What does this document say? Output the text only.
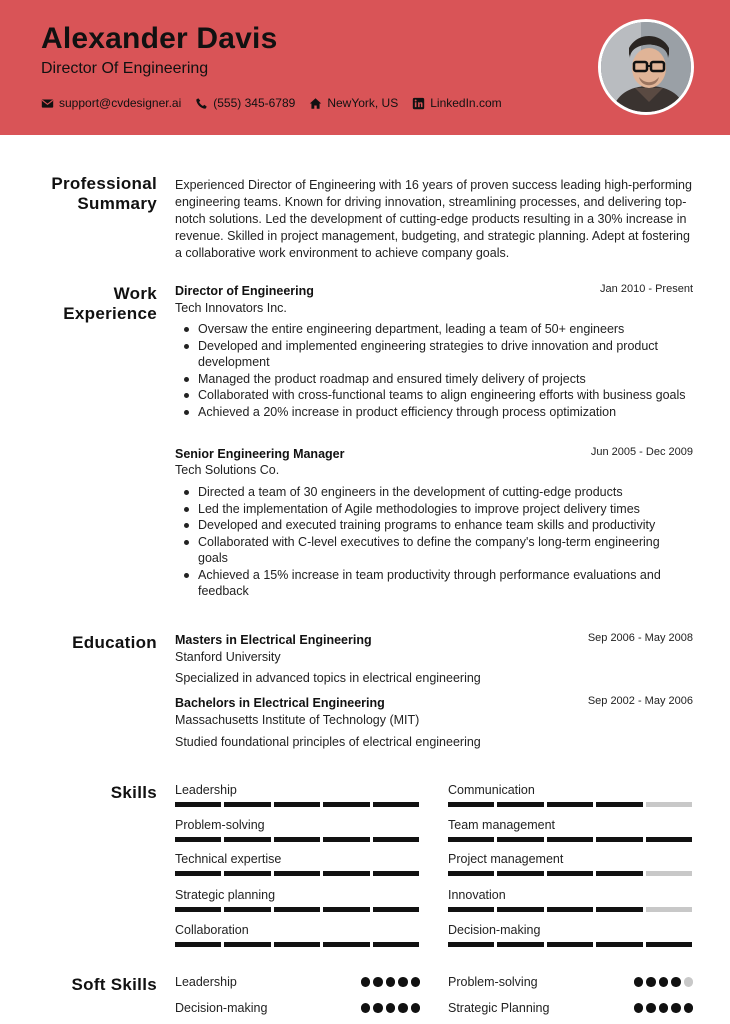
Alexander Davis
Director Of Engineering
support@cvdesigner.ai	(555) 345-6789	NewYork, US	LinkedIn.com
Professional
Summary
Experienced Director of Engineering with 16 years of proven success leading high-performing engineering teams. Known for driving innovation, streamlining processes, and delivering top-notch solutions. Led the development of cutting-edge products resulting in a 30% increase in revenue. Skilled in project management, budgeting, and strategic planning. Adept at fostering a collaborative work environment to achieve company goals.
Work
Experience
Director of Engineering	Jan 2010 - Present
Tech Innovators Inc.
Oversaw the entire engineering department, leading a team of 50+ engineers
Developed and implemented engineering strategies to drive innovation and product development
Managed the product roadmap and ensured timely delivery of projects
Collaborated with cross-functional teams to align engineering efforts with business goals
Achieved a 20% increase in product efficiency through process optimization
Senior Engineering Manager	Jun 2005 - Dec 2009
Tech Solutions Co.
Directed a team of 30 engineers in the development of cutting-edge products
Led the implementation of Agile methodologies to improve project delivery times
Developed and executed training programs to enhance team skills and productivity
Collaborated with C-level executives to define the company's long-term engineering goals
Achieved a 15% increase in team productivity through performance evaluations and feedback
Education Masters in Electrical Engineering	Sep 2006 - May 2008
Stanford University
Specialized in advanced topics in electrical engineering
Bachelors in Electrical Engineering	Sep 2002 - May 2006
Massachusetts Institute of Technology (MIT)
Studied foundational principles of electrical engineering
Skills Leadership	Communication
Problem-solving	Team management
Technical expertise	Project management
Strategic planning	Innovation
Collaboration	Decision-making
Soft Skills Leadership	Problem-solving
Decision-making	Strategic Planning
